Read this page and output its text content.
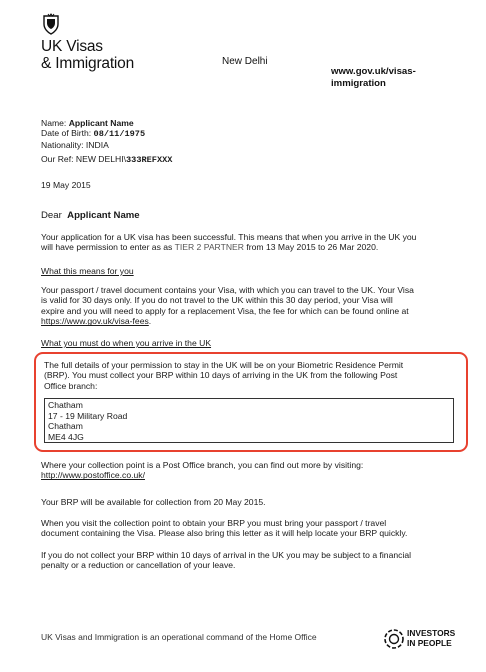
UK Visas
& Immigration	New Delhi
www.gov.uk/visas-
immigration

Name: Applicant Name

Date of Birth: 08/11/1975

Nationality: INDIA

Our Ref: NEW DELHI\333REFXXX

19 May 2015

Dear Applicant Name

Your application for a UK visa has been successful. This means that when you arrive in the UK you

will have permission to enter as as TIER 2 PARTNER from 13 May 2015 to 26 Mar 2020.

What this means for you

Your passport / travel document contains your Visa, with which you can travel to the UK. Your Visa

is valid for 30 days only. If you do not travel to the UK within this 30 day period, your Visa will

expire and you will need to apply for a replacement Visa, the fee for which can be found online at

https://www.gov.uk/visa-fees.

What you must do when you arrive in the UK

The full details of your permission to stay in the UK will be on your Biometric Residence Permit

(BRP). You must collect your BRP within 10 days of arriving in the UK from the following Post

Office branch:

Chatham
17 - 19 Military Road
Chatham
ME4 4JG

Where your collection point is a Post Office branch, you can find out more by visiting:

http://www.postoffice.co.uk/

Your BRP will be available for collection from 20 May 2015.

When you visit the collection point to obtain your BRP you must bring your passport / travel

document containing the Visa. Please also bring this letter as it will help locate your BRP quickly.

If you do not collect your BRP within 10 days of arrival in the UK you may be subject to a financial

penalty or a reduction or cancellation of your leave.

UK Visas and Immigration is an operational command of the Home Office	INVESTORS
IN PEOPLE
